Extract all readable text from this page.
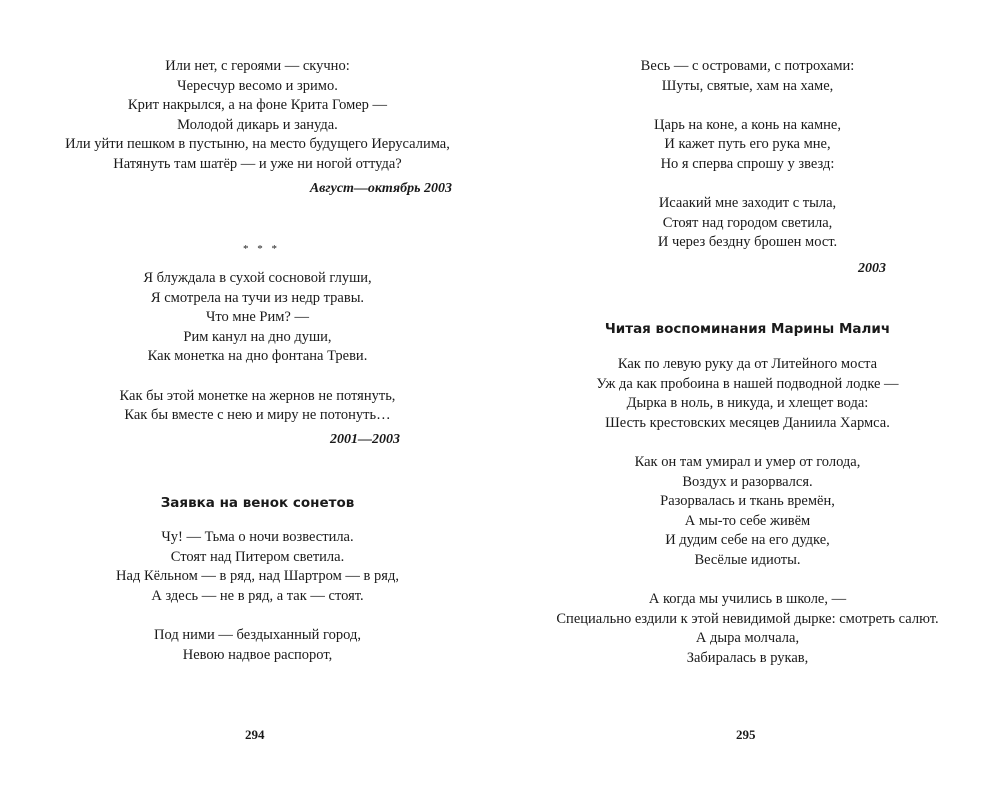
Или нет, с героями — скучно:
Чересчур весомо и зримо.
Крит накрылся, а на фоне Крита Гомер —
Молодой дикарь и зануда.
Или уйти пешком в пустыню, на место будущего Иерусалима,
Натянуть там шатёр — и уже ни ногой оттуда?
Август—октябрь 2003
* * *
Я блуждала в сухой сосновой глуши,
Я смотрела на тучи из недр травы.
Что мне Рим? —
Рим канул на дно души,
Как монетка на дно фонтана Треви.
Как бы этой монетке на жернов не потянуть,
Как бы вместе с нею и миру не потонуть…
2001—2003
Заявка на венок сонетов
Чу! — Тьма о ночи возвестила.
Стоят над Питером светила.
Над Кёльном — в ряд, над Шартром — в ряд,
А здесь — не в ряд, а так — стоят.
Под ними — бездыханный город,
Невою надвое распорот,
294
Весь — с островами, с потрохами:
Шуты, святые, хам на хаме,
Царь на коне, а конь на камне,
И кажет путь его рука мне,
Но я сперва спрошу у звезд:
Исаакий мне заходит с тыла,
Стоят над городом светила,
И через бездну брошен мост.
2003
Читая воспоминания Марины Малич
Как по левую руку да от Литейного моста
Уж да как пробоина в нашей подводной лодке —
Дырка в ноль, в никуда, и хлещет вода:
Шесть крестовских месяцев Даниила Хармса.
Как он там умирал и умер от голода,
Воздух и разорвался.
Разорвалась и ткань времён,
А мы-то себе живём
И дудим себе на его дудке,
Весёлые идиоты.
А когда мы учились в школе, —
Специально ездили к этой невидимой дырке: смотреть салют.
А дыра молчала,
Забиралась в рукав,
295
